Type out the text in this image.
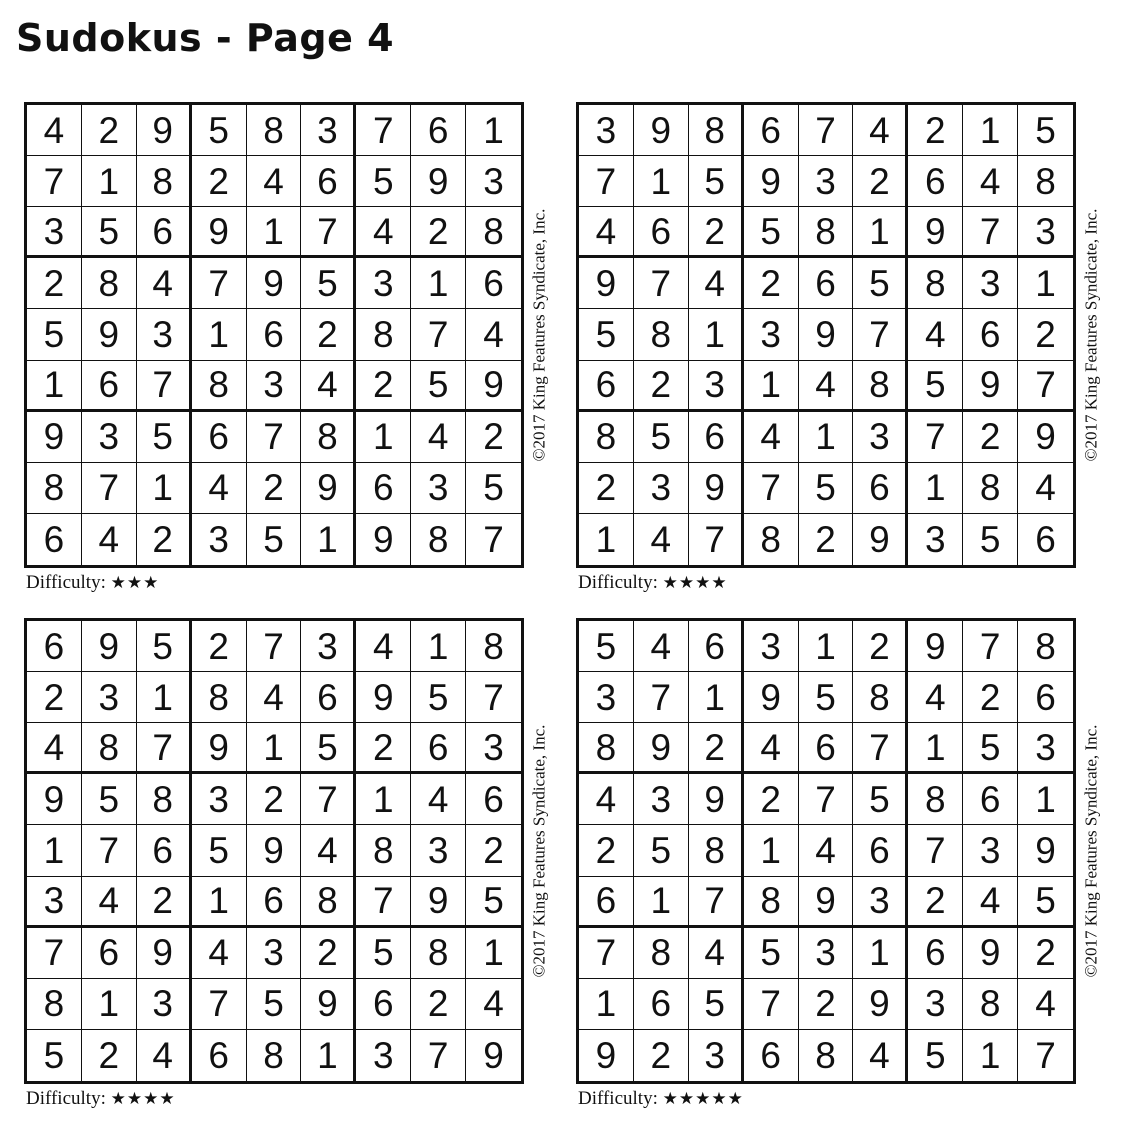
Sudokus - Page 4
4 2 9 5 8 3 7 6 1
7 1 8 2 4 6 5 9 3
3 5 6 9 1 7 4 2 8
2 8 4 7 9 5 3 1 6
5 9 3 1 6 2 8 7 4
1 6 7 8 3 4 2 5 9
9 3 5 6 7 8 1 4 2
8 7 1 4 2 9 6 3 5
6 4 2 3 5 1 9 8 7
©2017 King Features Syndicate, Inc.
Difficulty: ★★★
3 9 8 6 7 4 2 1 5
7 1 5 9 3 2 6 4 8
4 6 2 5 8 1 9 7 3
9 7 4 2 6 5 8 3 1
5 8 1 3 9 7 4 6 2
6 2 3 1 4 8 5 9 7
8 5 6 4 1 3 7 2 9
2 3 9 7 5 6 1 8 4
1 4 7 8 2 9 3 5 6
©2017 King Features Syndicate, Inc.
Difficulty: ★★★★
6 9 5 2 7 3 4 1 8
2 3 1 8 4 6 9 5 7
4 8 7 9 1 5 2 6 3
9 5 8 3 2 7 1 4 6
1 7 6 5 9 4 8 3 2
3 4 2 1 6 8 7 9 5
7 6 9 4 3 2 5 8 1
8 1 3 7 5 9 6 2 4
5 2 4 6 8 1 3 7 9
©2017 King Features Syndicate, Inc.
Difficulty: ★★★★
5 4 6 3 1 2 9 7 8
3 7 1 9 5 8 4 2 6
8 9 2 4 6 7 1 5 3
4 3 9 2 7 5 8 6 1
2 5 8 1 4 6 7 3 9
6 1 7 8 9 3 2 4 5
7 8 4 5 3 1 6 9 2
1 6 5 7 2 9 3 8 4
9 2 3 6 8 4 5 1 7
©2017 King Features Syndicate, Inc.
Difficulty: ★★★★★
